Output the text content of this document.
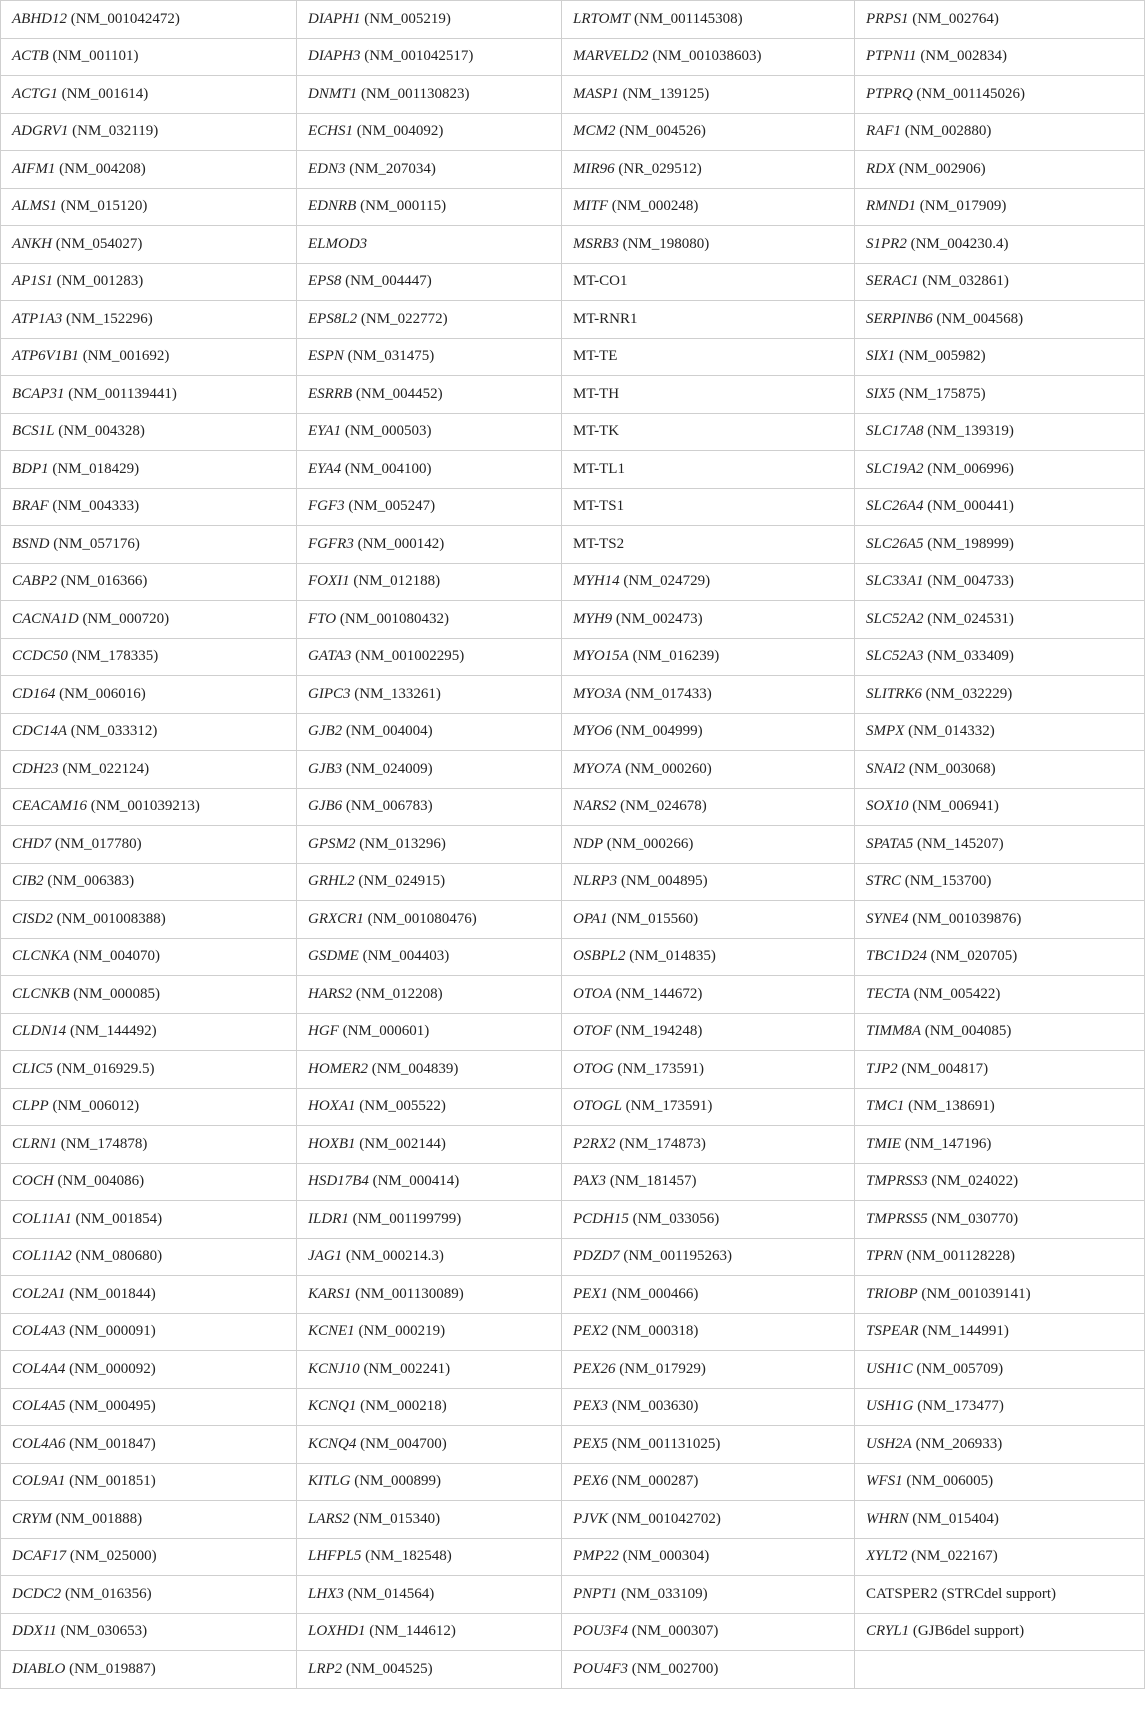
ABHD12 (NM_001042472)	DIAPH1 (NM_005219)	LRTOMT (NM_001145308)	PRPS1 (NM_002764)
ACTB (NM_001101)	DIAPH3 (NM_001042517)	MARVELD2 (NM_001038603)	PTPN11 (NM_002834)
ACTG1 (NM_001614)	DNMT1 (NM_001130823)	MASP1 (NM_139125)	PTPRQ (NM_001145026)
ADGRV1 (NM_032119)	ECHS1 (NM_004092)	MCM2 (NM_004526)	RAF1 (NM_002880)
AIFM1 (NM_004208)	EDN3 (NM_207034)	MIR96 (NR_029512)	RDX (NM_002906)
ALMS1 (NM_015120)	EDNRB (NM_000115)	MITF (NM_000248)	RMND1 (NM_017909)
ANKH (NM_054027)	ELMOD3	MSRB3 (NM_198080)	S1PR2 (NM_004230.4)
AP1S1 (NM_001283)	EPS8 (NM_004447)	MT-CO1	SERAC1 (NM_032861)
ATP1A3 (NM_152296)	EPS8L2 (NM_022772)	MT-RNR1	SERPINB6 (NM_004568)
ATP6V1B1 (NM_001692)	ESPN (NM_031475)	MT-TE	SIX1 (NM_005982)
BCAP31 (NM_001139441)	ESRRB (NM_004452)	MT-TH	SIX5 (NM_175875)
BCS1L (NM_004328)	EYA1 (NM_000503)	MT-TK	SLC17A8 (NM_139319)
BDP1 (NM_018429)	EYA4 (NM_004100)	MT-TL1	SLC19A2 (NM_006996)
BRAF (NM_004333)	FGF3 (NM_005247)	MT-TS1	SLC26A4 (NM_000441)
BSND (NM_057176)	FGFR3 (NM_000142)	MT-TS2	SLC26A5 (NM_198999)
CABP2 (NM_016366)	FOXI1 (NM_012188)	MYH14 (NM_024729)	SLC33A1 (NM_004733)
CACNA1D (NM_000720)	FTO (NM_001080432)	MYH9 (NM_002473)	SLC52A2 (NM_024531)
CCDC50 (NM_178335)	GATA3 (NM_001002295)	MYO15A (NM_016239)	SLC52A3 (NM_033409)
CD164 (NM_006016)	GIPC3 (NM_133261)	MYO3A (NM_017433)	SLITRK6 (NM_032229)
CDC14A (NM_033312)	GJB2 (NM_004004)	MYO6 (NM_004999)	SMPX (NM_014332)
CDH23 (NM_022124)	GJB3 (NM_024009)	MYO7A (NM_000260)	SNAI2 (NM_003068)
CEACAM16 (NM_001039213)	GJB6 (NM_006783)	NARS2 (NM_024678)	SOX10 (NM_006941)
CHD7 (NM_017780)	GPSM2 (NM_013296)	NDP (NM_000266)	SPATA5 (NM_145207)
CIB2 (NM_006383)	GRHL2 (NM_024915)	NLRP3 (NM_004895)	STRC (NM_153700)
CISD2 (NM_001008388)	GRXCR1 (NM_001080476)	OPA1 (NM_015560)	SYNE4 (NM_001039876)
CLCNKA (NM_004070)	GSDME (NM_004403)	OSBPL2 (NM_014835)	TBC1D24 (NM_020705)
CLCNKB (NM_000085)	HARS2 (NM_012208)	OTOA (NM_144672)	TECTA (NM_005422)
CLDN14 (NM_144492)	HGF (NM_000601)	OTOF (NM_194248)	TIMM8A (NM_004085)
CLIC5 (NM_016929.5)	HOMER2 (NM_004839)	OTOG (NM_173591)	TJP2 (NM_004817)
CLPP (NM_006012)	HOXA1 (NM_005522)	OTOGL (NM_173591)	TMC1 (NM_138691)
CLRN1 (NM_174878)	HOXB1 (NM_002144)	P2RX2 (NM_174873)	TMIE (NM_147196)
COCH (NM_004086)	HSD17B4 (NM_000414)	PAX3 (NM_181457)	TMPRSS3 (NM_024022)
COL11A1 (NM_001854)	ILDR1 (NM_001199799)	PCDH15 (NM_033056)	TMPRSS5 (NM_030770)
COL11A2 (NM_080680)	JAG1 (NM_000214.3)	PDZD7 (NM_001195263)	TPRN (NM_001128228)
COL2A1 (NM_001844)	KARS1 (NM_001130089)	PEX1 (NM_000466)	TRIOBP (NM_001039141)
COL4A3 (NM_000091)	KCNE1 (NM_000219)	PEX2 (NM_000318)	TSPEAR (NM_144991)
COL4A4 (NM_000092)	KCNJ10 (NM_002241)	PEX26 (NM_017929)	USH1C (NM_005709)
COL4A5 (NM_000495)	KCNQ1 (NM_000218)	PEX3 (NM_003630)	USH1G (NM_173477)
COL4A6 (NM_001847)	KCNQ4 (NM_004700)	PEX5 (NM_001131025)	USH2A (NM_206933)
COL9A1 (NM_001851)	KITLG (NM_000899)	PEX6 (NM_000287)	WFS1 (NM_006005)
CRYM (NM_001888)	LARS2 (NM_015340)	PJVK (NM_001042702)	WHRN (NM_015404)
DCAF17 (NM_025000)	LHFPL5 (NM_182548)	PMP22 (NM_000304)	XYLT2 (NM_022167)
DCDC2 (NM_016356)	LHX3 (NM_014564)	PNPT1 (NM_033109)	CATSPER2 (STRCdel support)
DDX11 (NM_030653)	LOXHD1 (NM_144612)	POU3F4 (NM_000307)	CRYL1 (GJB6del support)
DIABLO (NM_019887)	LRP2 (NM_004525)	POU4F3 (NM_002700)	
